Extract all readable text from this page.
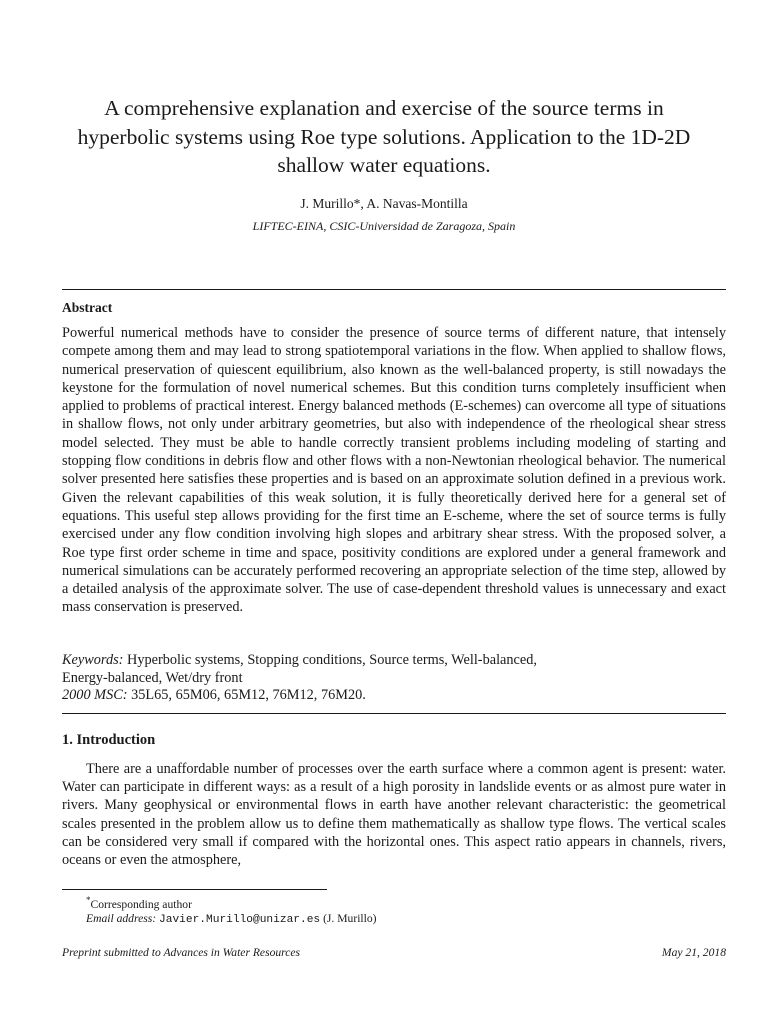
A comprehensive explanation and exercise of the source terms in hyperbolic systems using Roe type solutions. Application to the 1D-2D shallow water equations.
J. Murillo*, A. Navas-Montilla
LIFTEC-EINA, CSIC-Universidad de Zaragoza, Spain
Abstract

Powerful numerical methods have to consider the presence of source terms of different nature, that intensely compete among them and may lead to strong spatiotemporal variations in the flow. When applied to shallow flows, numerical preservation of quiescent equilibrium, also known as the well-balanced property, is still nowadays the keystone for the formulation of novel numerical schemes. But this condition turns completely insufficient when applied to problems of practical interest. Energy balanced methods (E-schemes) can overcome all type of situations in shallow flows, not only under arbitrary geometries, but also with independence of the rheological shear stress model selected. They must be able to handle correctly transient problems including modeling of starting and stopping flow conditions in debris flow and other flows with a non-Newtonian rheological behavior. The numerical solver presented here satisfies these properties and is based on an approximate solution defined in a previous work. Given the relevant capabilities of this weak solution, it is fully theoretically derived here for a general set of equations. This useful step allows providing for the first time an E-scheme, where the set of source terms is fully exercised under any flow condition involving high slopes and arbitrary shear stress. With the proposed solver, a Roe type first order scheme in time and space, positivity conditions are explored under a general framework and numerical simulations can be accurately performed recovering an appropriate selection of the time step, allowed by a detailed analysis of the approximate solver. The use of case-dependent threshold values is unnecessary and exact mass conservation is preserved.

Keywords: Hyperbolic systems, Stopping conditions, Source terms, Well-balanced,
Energy-balanced, Wet/dry front
2000 MSC: 35L65, 65M06, 65M12, 76M12, 76M20.
1. Introduction

There are a unaffordable number of processes over the earth surface where a common agent is present: water. Water can participate in different ways: as a result of a high porosity in landslide events or as almost pure water in rivers. Many geophysical or environmental flows in earth have another relevant characteristic: the geometrical scales presented in the problem allow us to define them mathematically as shallow type flows. The vertical scales can be considered very small if compared with the horizontal ones. This aspect ratio appears in channels, rivers, oceans or even the atmosphere,

*Corresponding author
Email address: Javier.Murillo@unizar.es (J. Murillo)
Preprint submitted to Advances in Water Resources	May 21, 2018
